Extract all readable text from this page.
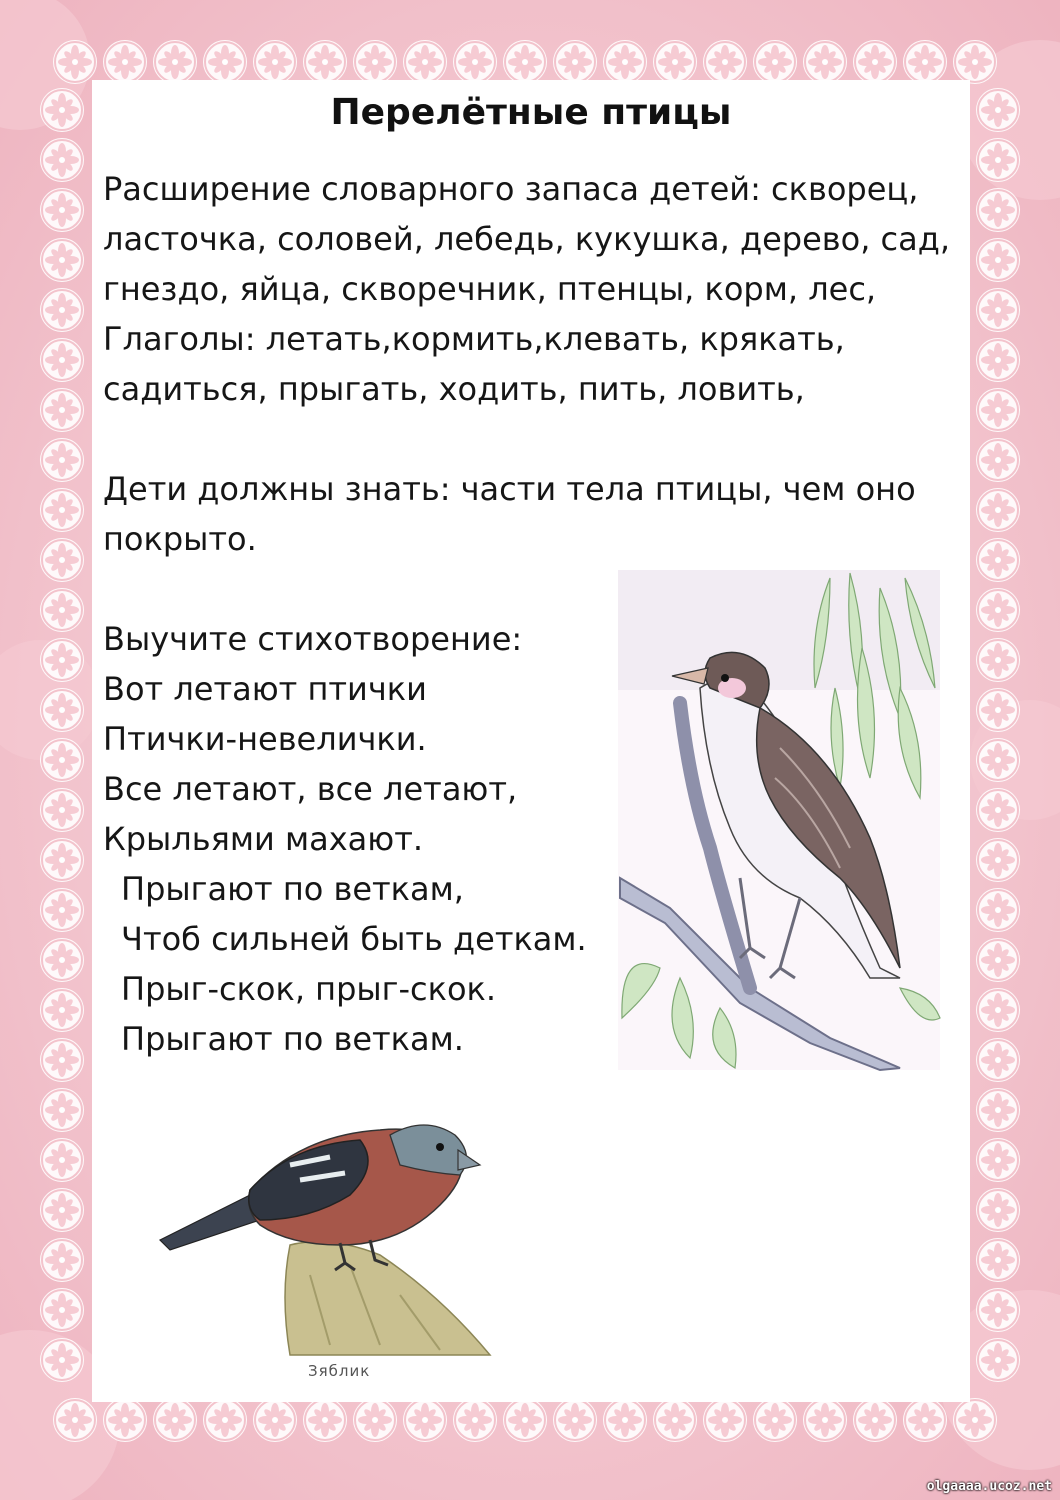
Перелётные птицы

Расширение словарного запаса детей: скворец,
ласточка, соловей, лебедь, кукушка, дерево, сад,
гнездо, яйца, скворечник, птенцы, корм, лес,
Глаголы: летать,кормить,клевать, крякать,
садиться, прыгать, ходить, пить, ловить,

Дети должны знать: части тела птицы, чем оно
покрыто.

Выучите стихотворение:
Вот летают птички
Птички-невелички.
Все летают, все летают,
Крыльями махают.
Прыгают по веткам,
Чтоб сильней быть деткам.
Прыг-скок, прыг-скок.
Прыгают по веткам.
Зяблик
olgaaaa.ucoz.net
